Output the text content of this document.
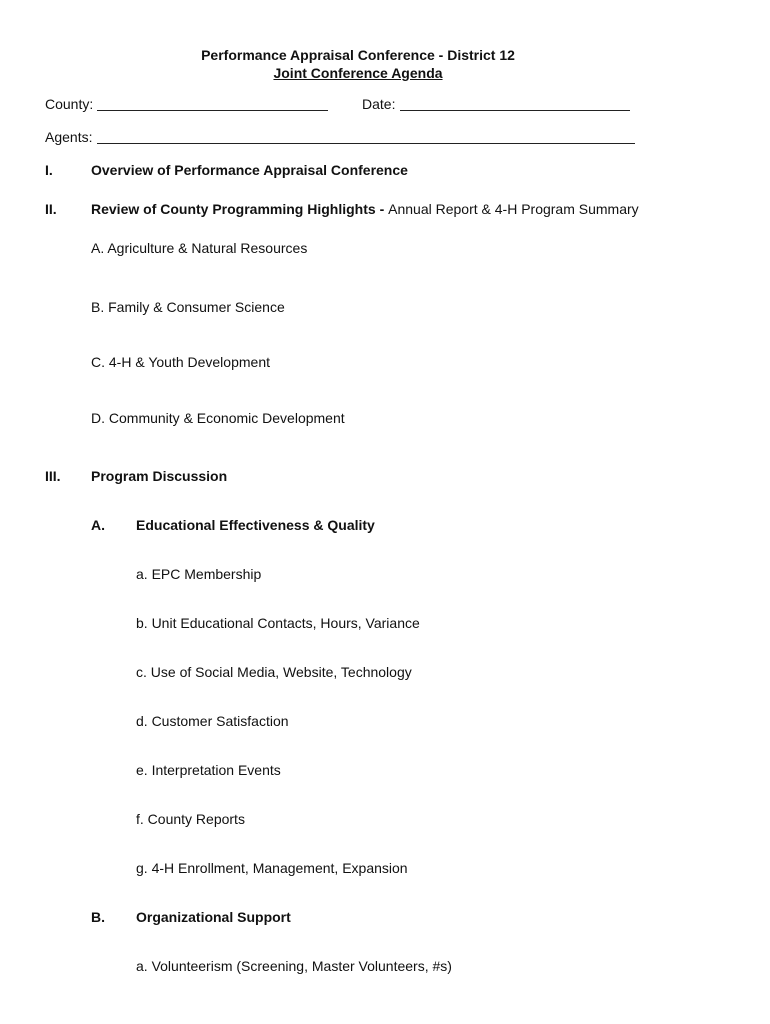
Performance Appraisal Conference - District 12
Joint Conference Agenda
County:	Date:
Agents:
I.	Overview of Performance Appraisal Conference
II. Review of County Programming Highlights - Annual Report & 4-H Program Summary
A. Agriculture & Natural Resources
B. Family & Consumer Science
C. 4-H & Youth Development
D. Community & Economic Development
III. Program Discussion
A. Educational Effectiveness & Quality
a. EPC Membership
b. Unit Educational Contacts, Hours, Variance
c. Use of Social Media, Website, Technology
d. Customer Satisfaction
e. Interpretation Events
f. County Reports
g. 4-H Enrollment, Management, Expansion
B. Organizational Support
a. Volunteerism (Screening, Master Volunteers, #s)
